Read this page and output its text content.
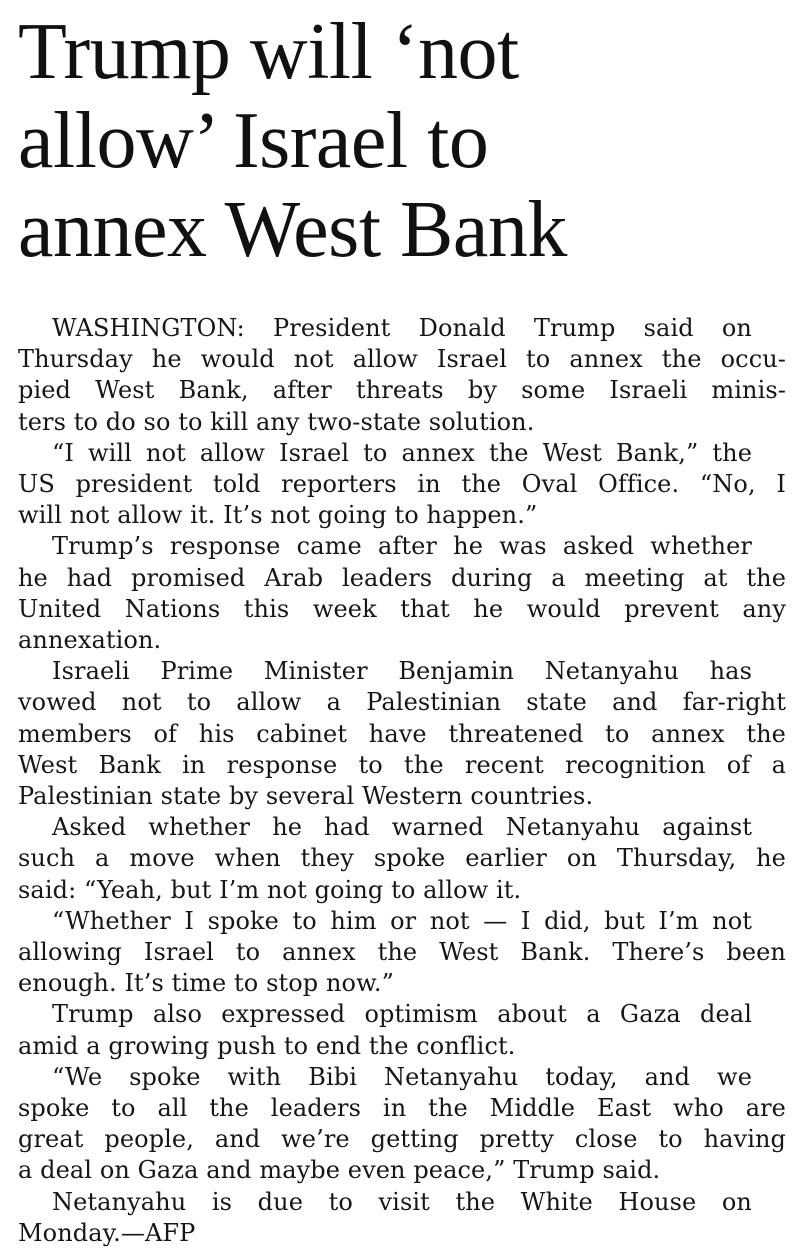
Trump will ‘not
allow’ Israel to
annex West Bank

WASHINGTON: President Donald Trump said on
Thursday he would not allow Israel to annex the occu-
pied West Bank, after threats by some Israeli minis-
ters to do so to kill any two-state solution.

“I will not allow Israel to annex the West Bank,” the
US president told reporters in the Oval Office. “No, I
will not allow it. It’s not going to happen.”

Trump’s response came after he was asked whether
he had promised Arab leaders during a meeting at the
United Nations this week that he would prevent any
annexation.

Israeli Prime Minister Benjamin Netanyahu has
vowed not to allow a Palestinian state and far-right
members of his cabinet have threatened to annex the
West Bank in response to the recent recognition of a
Palestinian state by several Western countries.

Asked whether he had warned Netanyahu against
such a move when they spoke earlier on Thursday, he
said: “Yeah, but I’m not going to allow it.

“Whether I spoke to him or not — I did, but I’m not
allowing Israel to annex the West Bank. There’s been
enough. It’s time to stop now.”

Trump also expressed optimism about a Gaza deal
amid a growing push to end the conflict.

“We spoke with Bibi Netanyahu today, and we
spoke to all the leaders in the Middle East who are
great people, and we’re getting pretty close to having
a deal on Gaza and maybe even peace,” Trump said.

Netanyahu is due to visit the White House on
Monday.—AFP
